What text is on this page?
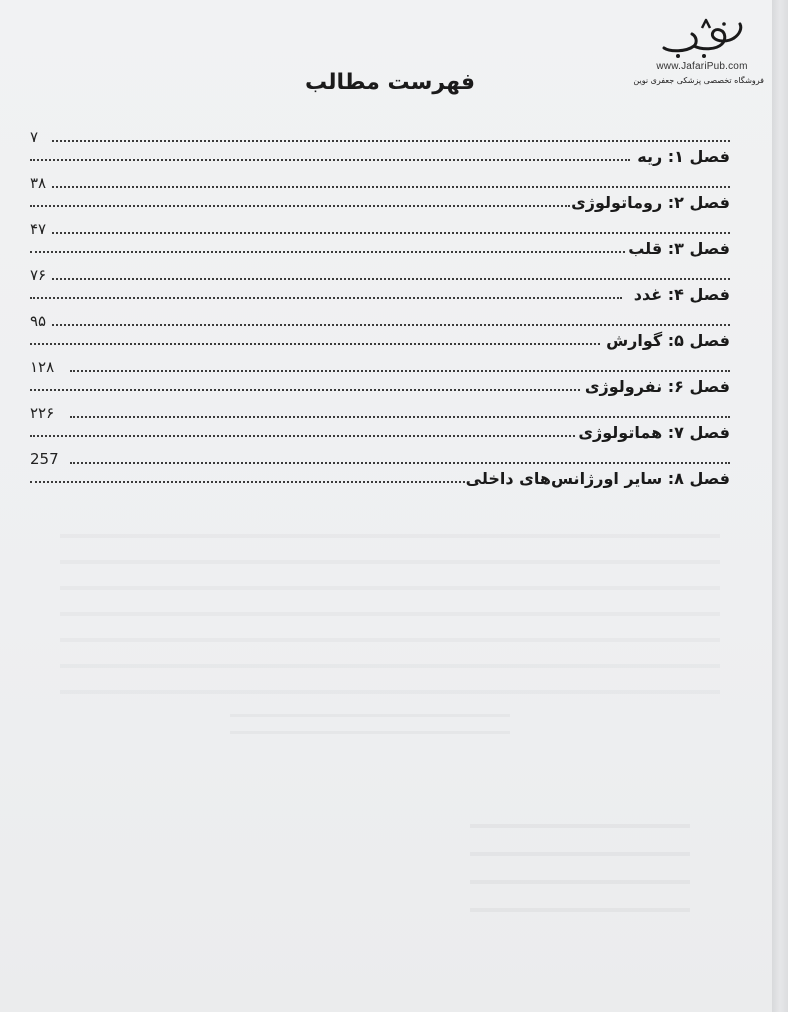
www.JafariPub.com
فروشگاه تخصصی پزشکی جعفری نوین
فهرست مطالب
۷
فصل ۱: ریه
۳۸
فصل ۲: روماتولوژی
۴۷
فصل ۳: قلب
۷۶
فصل ۴: غدد
۹۵
فصل ۵: گوارش
۱۲۸
فصل ۶: نفرولوژی
۲۲۶
فصل ۷: هماتولوژی
257
فصل ۸: سایر اورژانس‌های داخلی
